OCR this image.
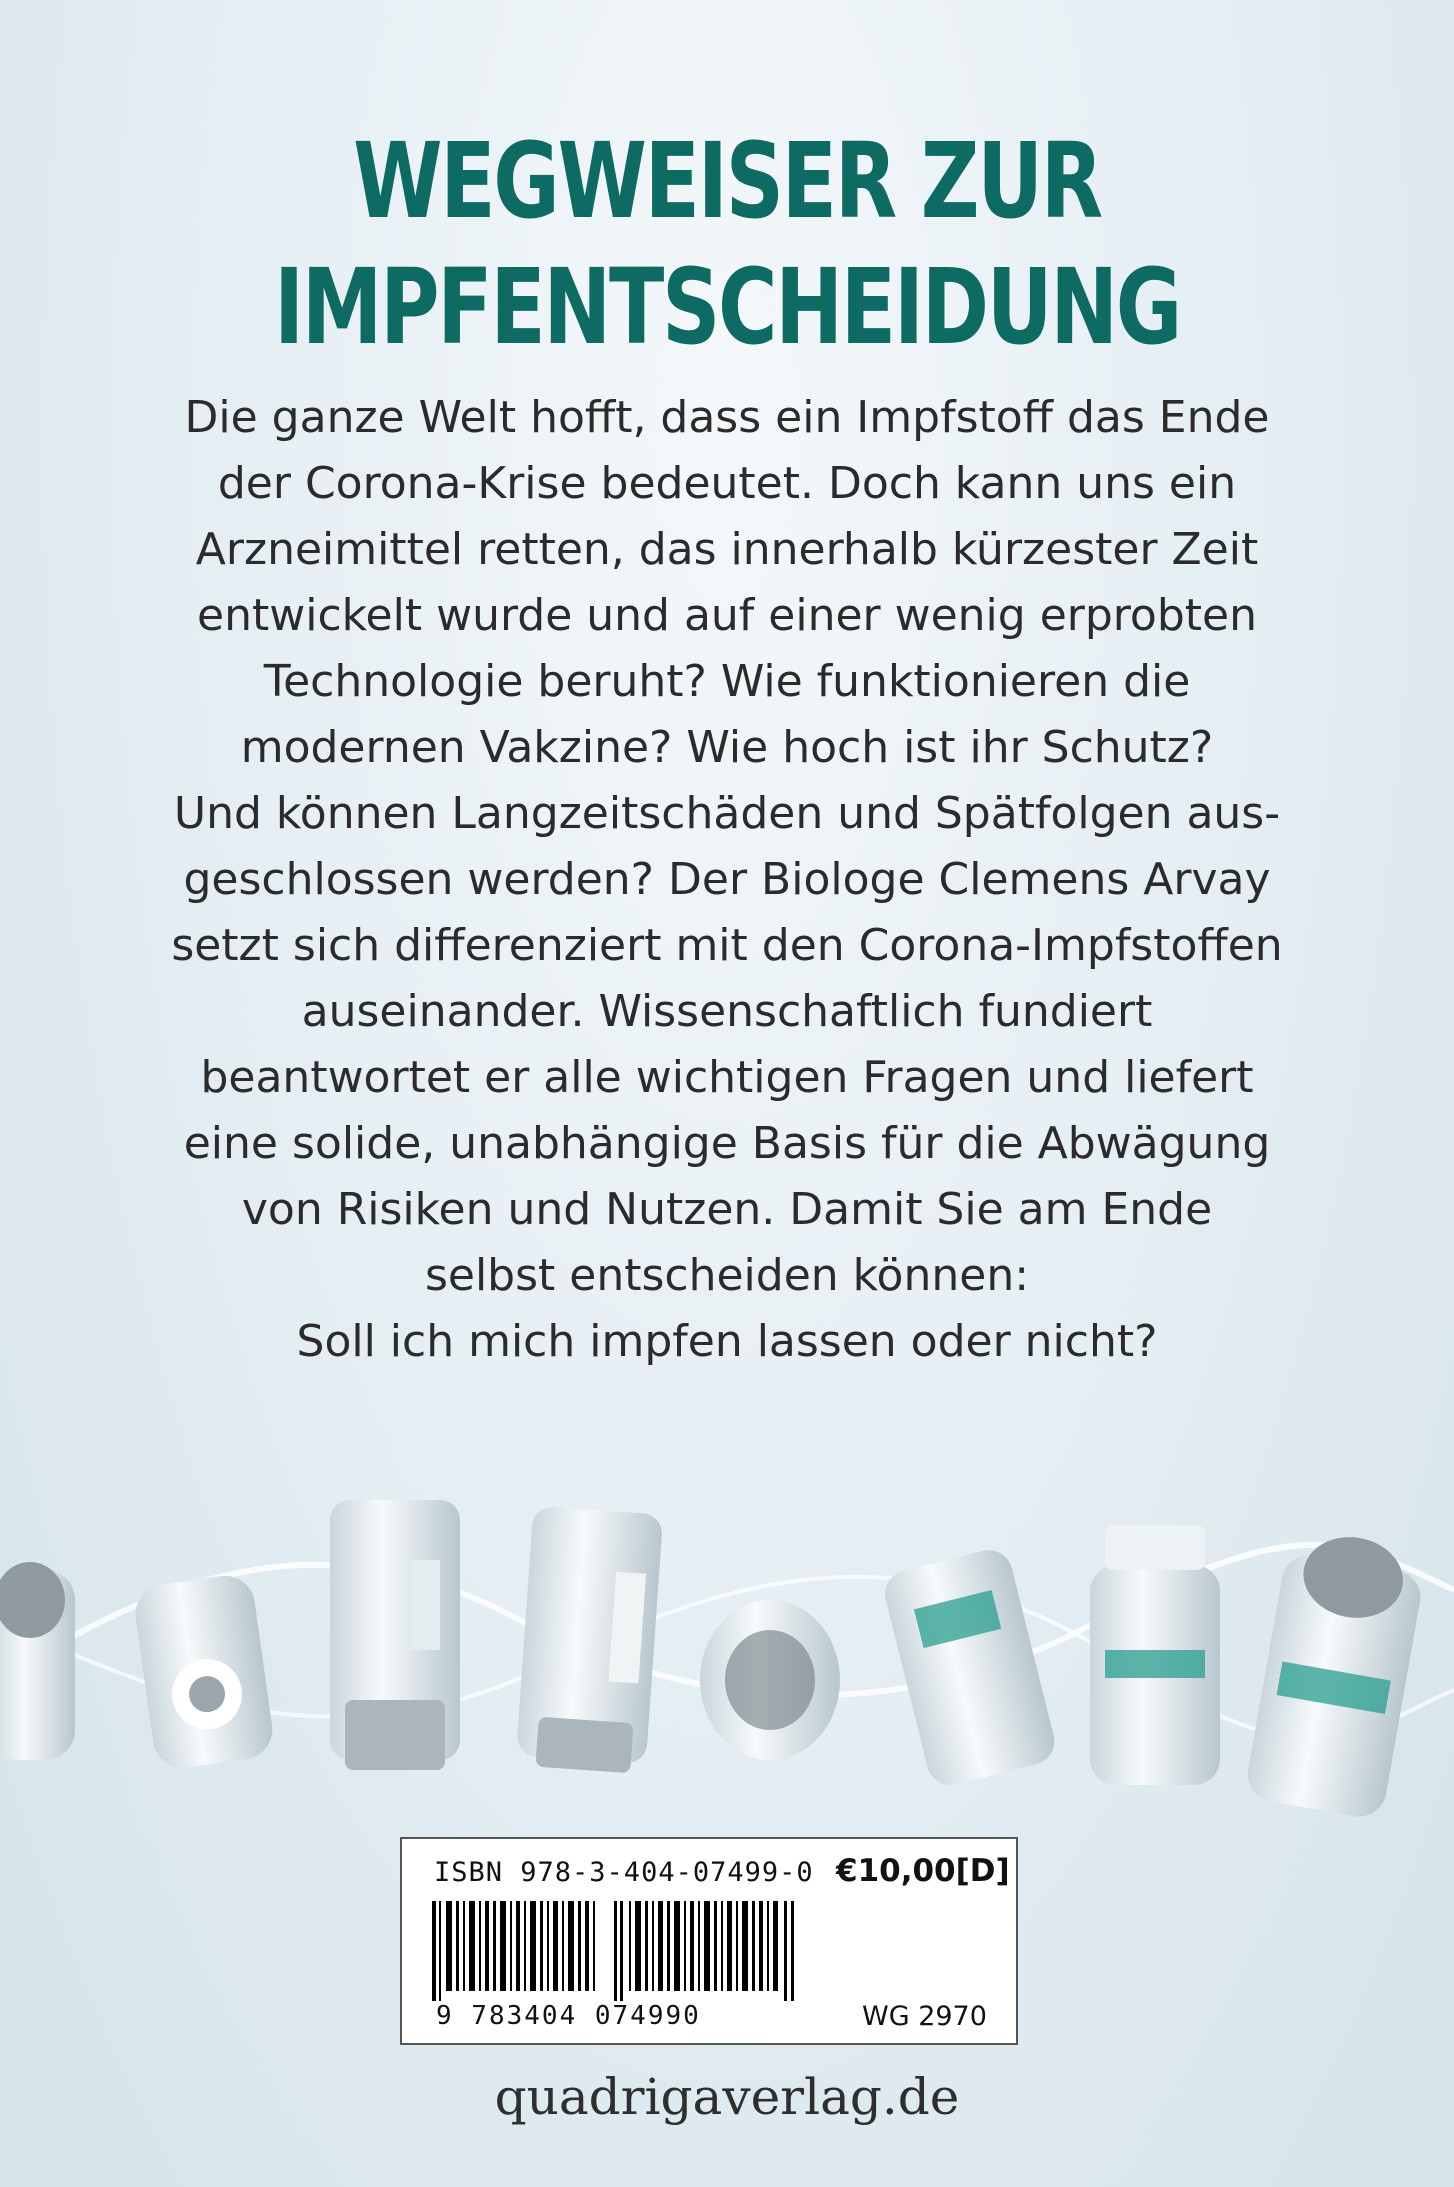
WEGWEISER ZUR
IMPFENTSCHEIDUNG
Die ganze Welt hofft, dass ein Impfstoff das Ende
der Corona-Krise bedeutet. Doch kann uns ein
Arzneimittel retten, das innerhalb kürzester Zeit
entwickelt wurde und auf einer wenig erprobten
Technologie beruht? Wie funktionieren die
modernen Vakzine? Wie hoch ist ihr Schutz?
Und können Langzeitschäden und Spätfolgen aus-
geschlossen werden? Der Biologe Clemens Arvay
setzt sich differenziert mit den Corona-Impfstoffen
auseinander. Wissenschaftlich fundiert
beantwortet er alle wichtigen Fragen und liefert
eine solide, unabhängige Basis für die Abwägung
von Risiken und Nutzen. Damit Sie am Ende
selbst entscheiden können:
Soll ich mich impfen lassen oder nicht?
ISBN 978-3-404-07499-0 €10,00[D]
9 783404 074990	WG 2970
quadrigaverlag.de
